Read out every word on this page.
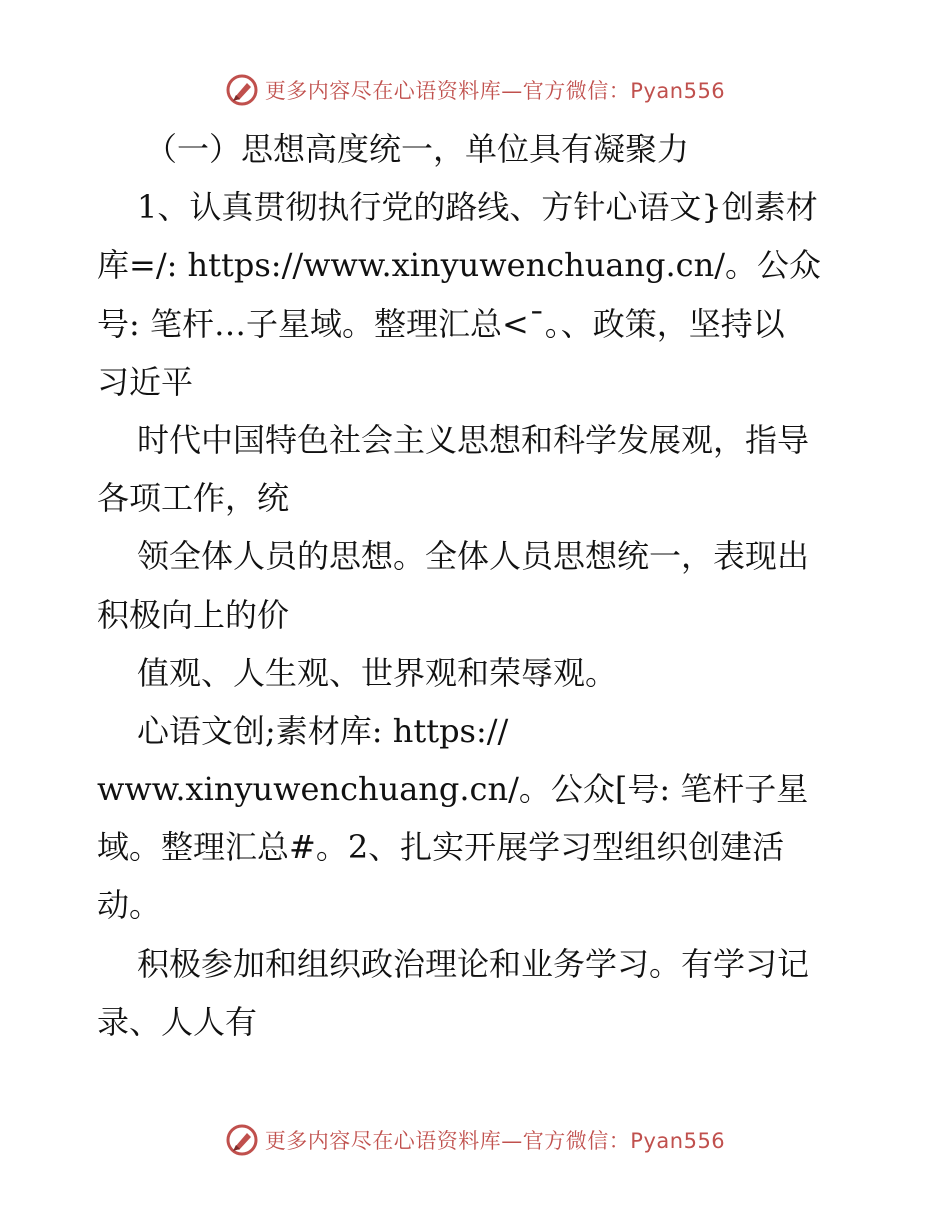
更多内容尽在心语资料库—官方微信：Pyan556
（一）思想高度统一，单位具有凝聚力
1、认真贯彻执行党的路线、方针心语文}创素材
库=/: https://www.xinyuwenchuang.cn/。公众
号: 笔杆…子星域。整理汇总<¯。、政策，坚持以
习近平
时代中国特色社会主义思想和科学发展观，指导
各项工作，统
领全体人员的思想。全体人员思想统一，表现出
积极向上的价
值观、人生观、世界观和荣辱观。
心语文创;素材库: https://
www.xinyuwenchuang.cn/。公众[号: 笔杆子星
域。整理汇总#。2、扎实开展学习型组织创建活
动。
积极参加和组织政治理论和业务学习。有学习记
录、人人有
更多内容尽在心语资料库—官方微信：Pyan556
